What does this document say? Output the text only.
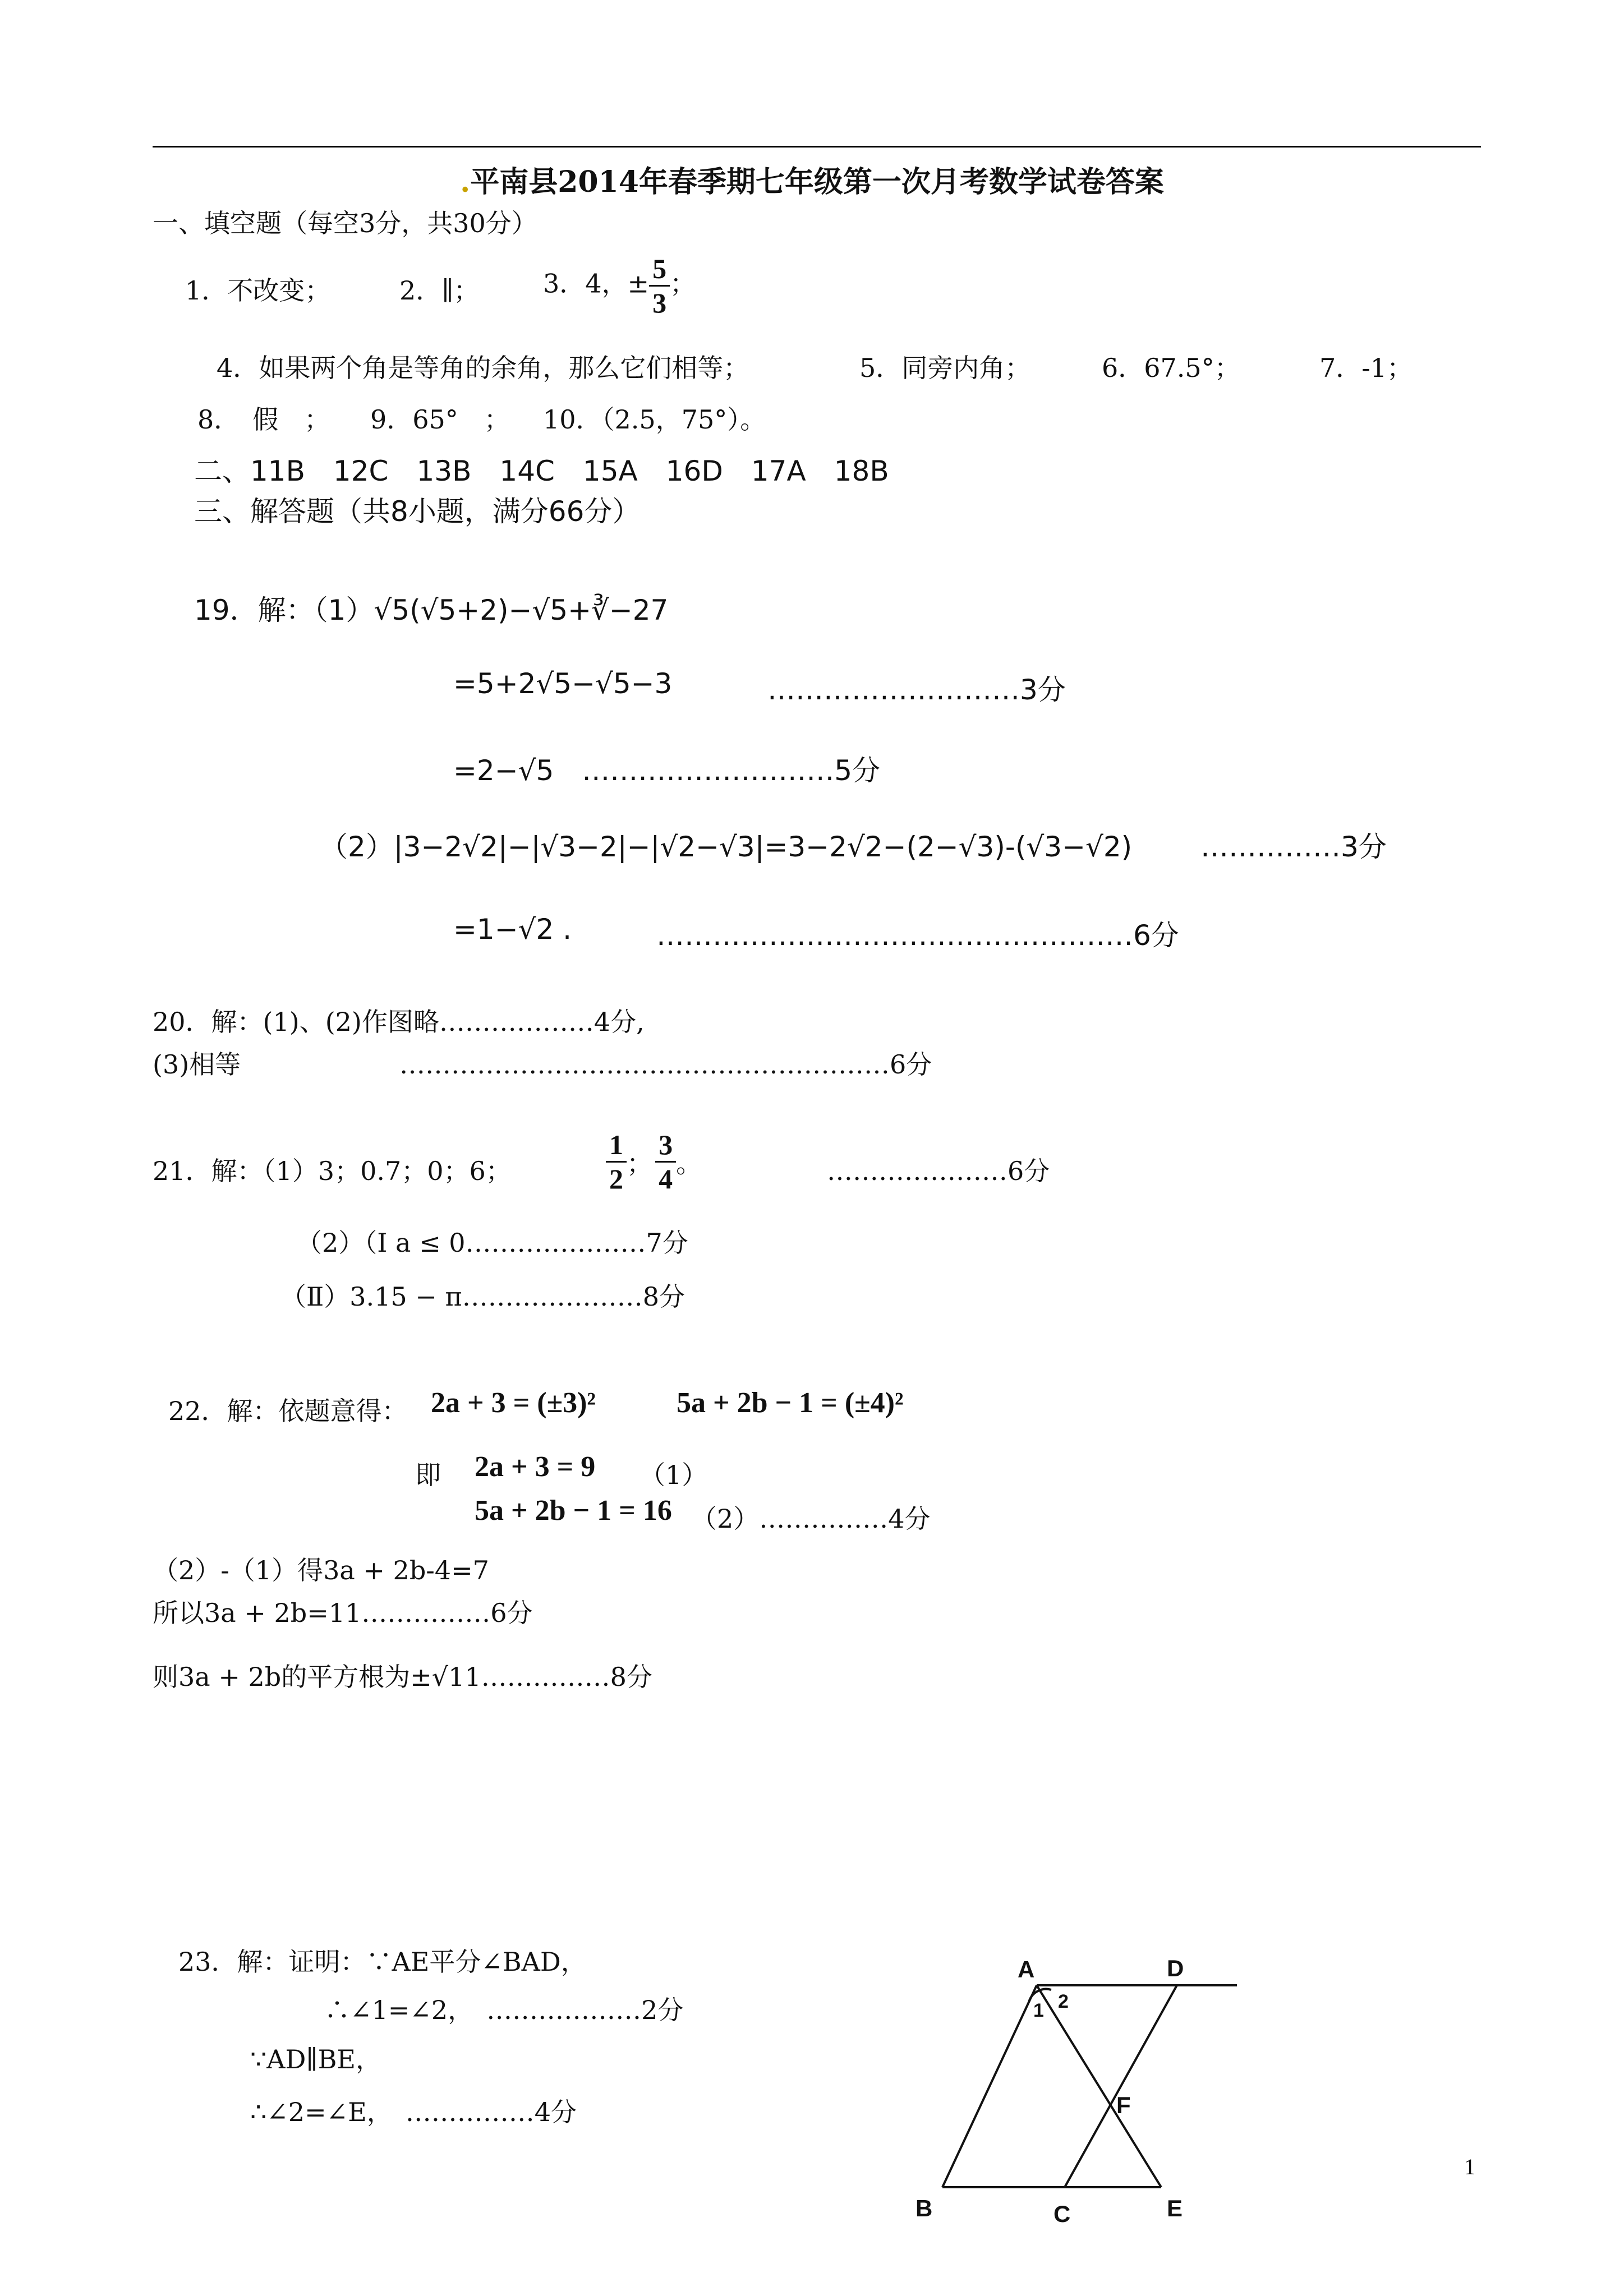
.平南县2014年春季期七年级第一次月考数学试卷答案
一、填空题（每空3分，共30分）
1．不改变；	2．∥； 3．4，± $\frac{5}{3}$ ；
4．如果两个角是等角的余角，那么它们相等；	5．同旁内角；	6．67.5°；	7．-1；
8．　假　； 9．65°　； 10．（2.5，75°）。
二、11B　12C　13B　14C　15A　16D　17A　18B
三、解答题（共8小题，满分66分）
19．解：（1）√5(√5+2)−√5+∛−27
=5+2√5−√5−3	………………………3分
=2−√5　………………………5分
（2）|3−2√2|−|√3−2|−|√2−√3|=3−2√2−(2−√3)-(√3−√2) ……………3分
=1−√2 .	……………………………………………6分
20．解：(1)、(2)作图略………………4分,
(3)相等	…………………………………………………6分
21．解：（1）3；0.7；0；6；	$\frac{1}{2}$ ； $\frac{3}{4}$ 。	…………………6分
（2）（Ⅰ a ≤ 0…………………7分
（Ⅱ）3.15 − π…………………8分
22．解：依题意得： 2a + 3 = (±3)²	5a + 2b − 1 = (±4)²
即 2a + 3 = 9 （1）
5a + 2b − 1 = 16 （2）……………4分
（2）-（1）得3a + 2b-4=7
所以3a + 2b=11……………6分
则3a + 2b的平方根为±√11……………8分
23．解：证明：∵AE平分∠BAD，
∴∠1=∠2，　………………2分
∵AD∥BE，
∴∠2=∠E，　……………4分
A	D
1 2
F
B	C	E
1
